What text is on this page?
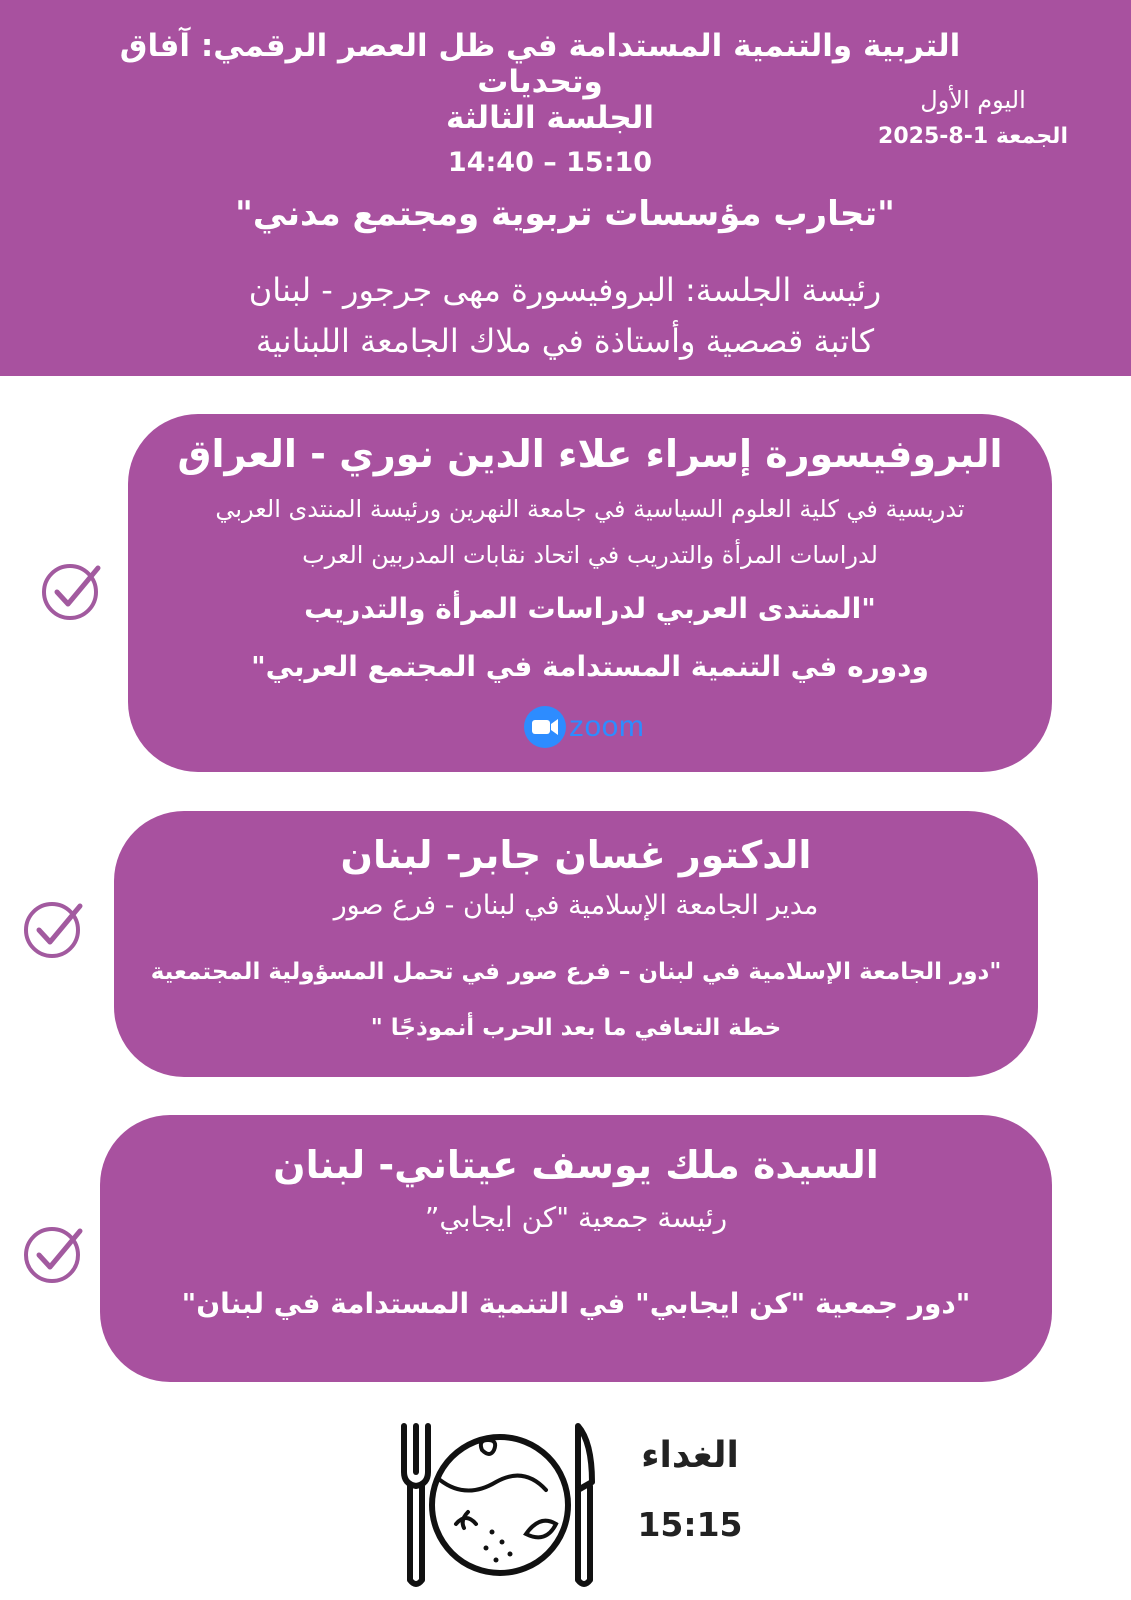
التربية والتنمية المستدامة في ظل العصر الرقمي: آفاق وتحديات	اليوم الأول
الجمعة 1-8-2025
الجلسة الثالثة
14:40 – 15:10
"تجارب مؤسسات تربوية ومجتمع مدني"
رئيسة الجلسة: البروفيسورة مهى جرجور - لبنان
كاتبة قصصية وأستاذة في ملاك الجامعة اللبنانية
البروفيسورة إسراء علاء الدين نوري - العراق
تدريسية في كلية العلوم السياسية في جامعة النهرين ورئيسة المنتدى العربي
لدراسات المرأة والتدريب في اتحاد نقابات المدربين العرب
"المنتدى العربي لدراسات المرأة والتدريب
ودوره في التنمية المستدامة في المجتمع العربي"
zoom
الدكتور غسان جابر- لبنان
مدير الجامعة الإسلامية في لبنان - فرع صور
"دور الجامعة الإسلامية في لبنان – فرع صور في تحمل المسؤولية المجتمعية
خطة التعافي ما بعد الحرب أنموذجًا "
السيدة ملك يوسف عيتاني- لبنان
رئيسة جمعية "كن ايجابي”
"دور جمعية "كن ايجابي" في التنمية المستدامة في لبنان"
الغداء
15:15
